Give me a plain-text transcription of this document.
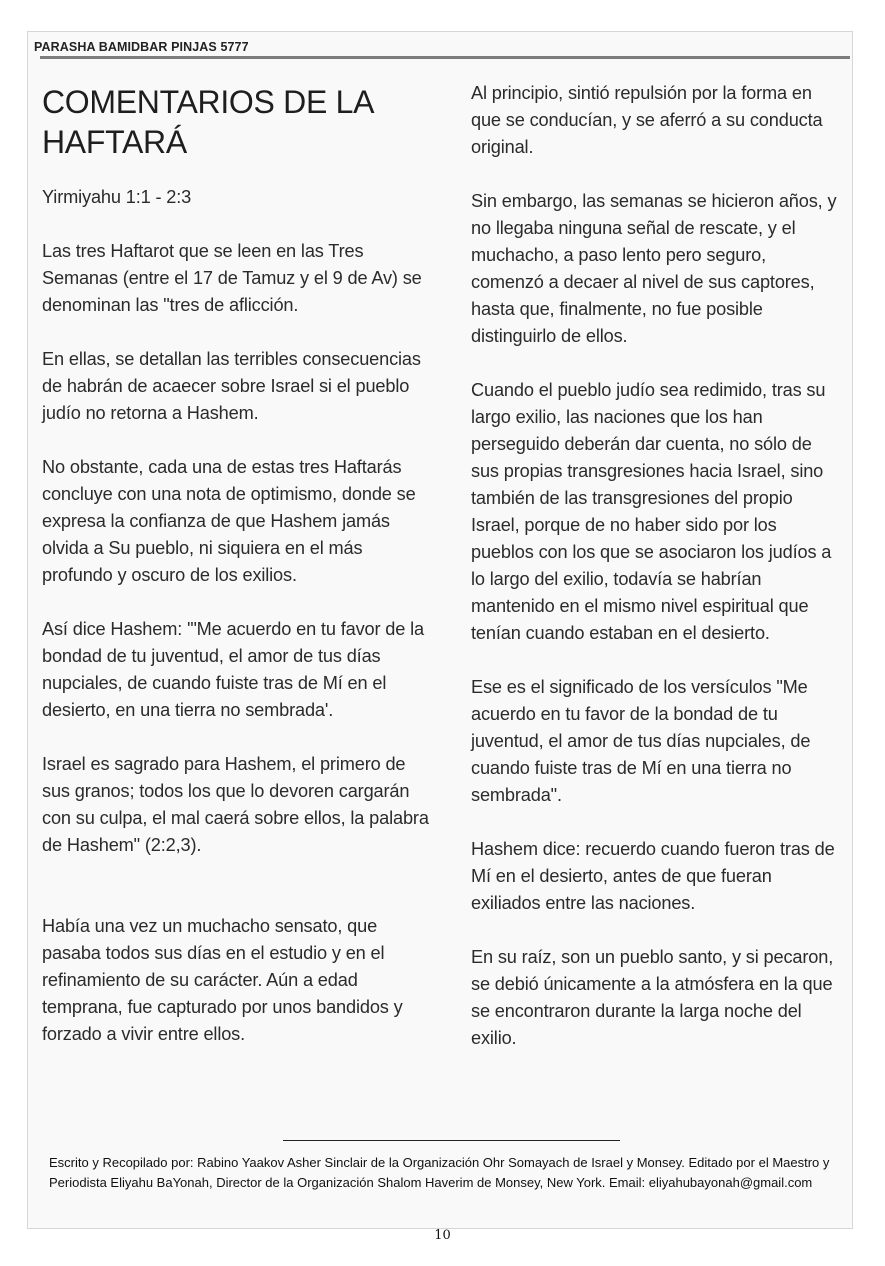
PARASHA BAMIDBAR PINJAS 5777
COMENTARIOS DE LA HAFTARÁ

Yirmiyahu 1:1 - 2:3

Las tres Haftarot que se leen en las Tres Semanas (entre el 17 de Tamuz y el 9 de Av) se denominan las "tres de aflicción.

En ellas, se detallan las terribles consecuencias de habrán de acaecer sobre Israel si el pueblo judío no retorna a Hashem.

No obstante, cada una de estas tres Haftarás concluye con una nota de optimismo, donde se expresa la confianza de que Hashem jamás olvida a Su pueblo, ni siquiera en el más profundo y oscuro de los exilios.

Así dice Hashem: '"Me acuerdo en tu favor de la bondad de tu juventud, el amor de tus días nupciales, de cuando fuiste tras de Mí en el desierto, en una tierra no sembrada'.

Israel es sagrado para Hashem, el primero de sus granos; todos los que lo devoren cargarán con su culpa, el mal caerá sobre ellos, la palabra de Hashem" (2:2,3).

Había una vez un muchacho sensato, que pasaba todos sus días en el estudio y en el refinamiento de su carácter. Aún a edad temprana, fue capturado por unos bandidos y forzado a vivir entre ellos.

Al principio, sintió repulsión por la forma en que se conducían, y se aferró a su conducta original.

Sin embargo, las semanas se hicieron años, y no llegaba ninguna señal de rescate, y el muchacho, a paso lento pero seguro, comenzó a decaer al nivel de sus captores, hasta que, finalmente, no fue posible distinguirlo de ellos.

Cuando el pueblo judío sea redimido, tras su largo exilio, las naciones que los han perseguido deberán dar cuenta, no sólo de sus propias transgresiones hacia Israel, sino también de las transgresiones del propio Israel, porque de no haber sido por los pueblos con los que se asociaron los judíos a lo largo del exilio, todavía se habrían mantenido en el mismo nivel espiritual que tenían cuando estaban en el desierto.

Ese es el significado de los versículos "Me acuerdo en tu favor de la bondad de tu juventud, el amor de tus días nupciales, de cuando fuiste tras de Mí en una tierra no sembrada".

Hashem dice: recuerdo cuando fueron tras de Mí en el desierto, antes de que fueran exiliados entre las naciones.

En su raíz, son un pueblo santo, y si pecaron, se debió únicamente a la atmósfera en la que se encontraron durante la larga noche del exilio.

Escrito y Recopilado por: Rabino Yaakov Asher Sinclair de la Organización Ohr Somayach de Israel y Monsey. Editado por el Maestro y Periodista Eliyahu BaYonah, Director de la Organización Shalom Haverim de Monsey, New York. Email: eliyahubayonah@gmail.com
10
